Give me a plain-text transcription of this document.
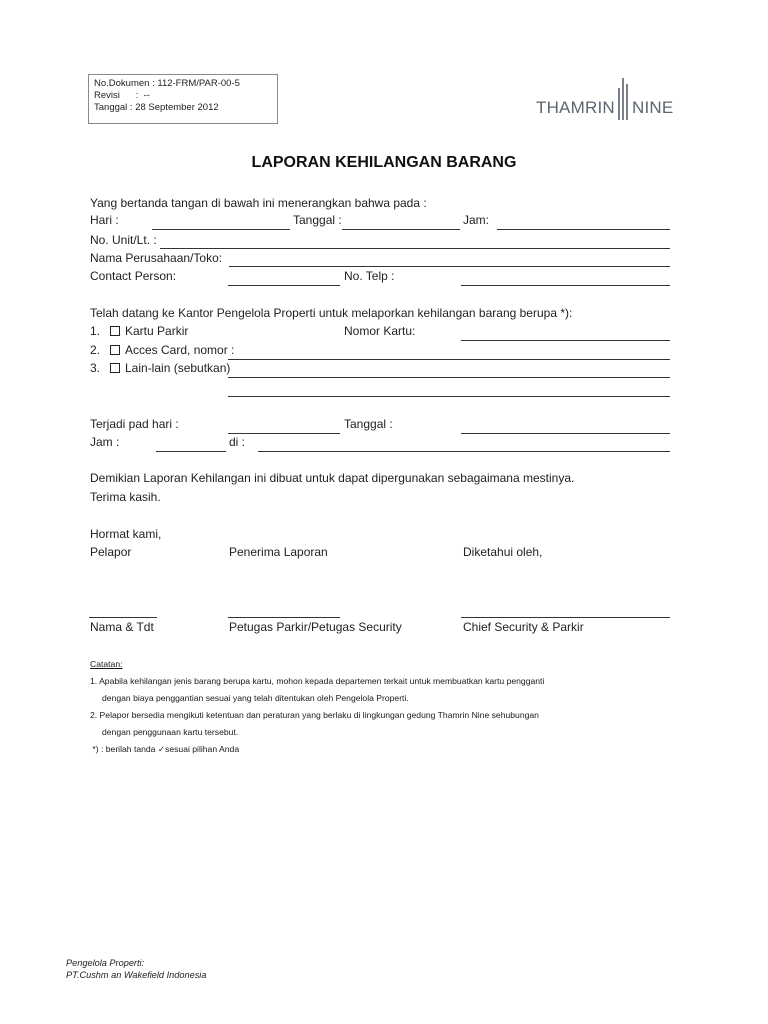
No.Dokumen : 112-FRM/PAR-00-5
Revisi      :  --
Tanggal : 28 September 2012	THAMRIN NINE
LAPORAN KEHILANGAN BARANG
Yang bertanda tangan di bawah ini menerangkan bahwa pada :
Hari :	Tanggal :	Jam:
No. Unit/Lt. :
Nama Perusahaan/Toko:
Contact Person:	No. Telp :
Telah datang ke Kantor Pengelola Properti untuk melaporkan kehilangan barang berupa *):
1. Kartu Parkir	Nomor Kartu:
2. Acces Card, nomor :
3. Lain-lain (sebutkan)
Terjadi pad hari :	Tanggal :
Jam :	di :
Demikian Laporan Kehilangan ini dibuat untuk dapat dipergunakan sebagaimana mestinya.
Terima kasih.
Hormat kami,
Pelapor	Penerima Laporan	Diketahui oleh,
Nama & Tdt	Petugas Parkir/Petugas Security	Chief Security & Parkir
Catatan:
1. Apabila kehilangan jenis barang berupa kartu, mohon kepada departemen terkait untuk membuatkan kartu pengganti
dengan biaya penggantian sesuai yang telah ditentukan oleh Pengelola Properti.
2. Pelapor bersedia mengikuti ketentuan dan peraturan yang berlaku di lingkungan gedung Thamrin Nine sehubungan
dengan penggunaan kartu tersebut.
*) : berilah tanda ✓sesuai pilihan Anda
Pengelola Properti:
PT.Cushm an Wakefield Indonesia
